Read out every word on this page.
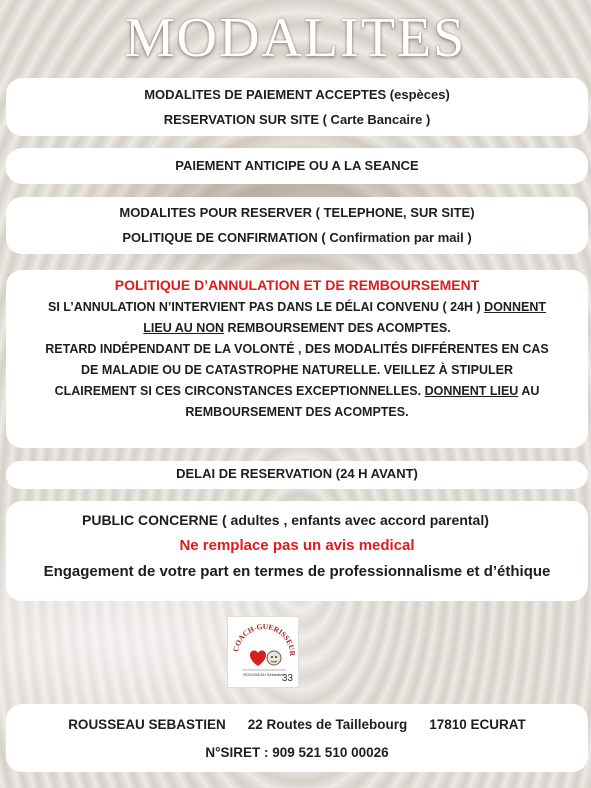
MODALITES
MODALITES DE PAIEMENT ACCEPTES (espèces)
RESERVATION SUR SITE ( Carte Bancaire )
PAIEMENT ANTICIPE OU A LA SEANCE
MODALITES POUR RESERVER ( TELEPHONE, SUR SITE)
POLITIQUE DE CONFIRMATION ( Confirmation par mail )
POLITIQUE D’ANNULATION ET DE REMBOURSEMENT
SI L’ANNULATION N’INTERVIENT PAS DANS LE DÉLAI CONVENU ( 24H ) DONNENT
LIEU AU NON REMBOURSEMENT DES ACOMPTES.
RETARD INDÉPENDANT DE LA VOLONTÉ , DES MODALITÉS DIFFÉRENTES EN CAS
DE MALADIE OU DE CATASTROPHE NATURELLE. VEILLEZ À STIPULER
CLAIREMENT SI CES CIRCONSTANCES EXCEPTIONNELLES. DONNENT LIEU AU
REMBOURSEMENT DES ACOMPTES.
DELAI DE RESERVATION (24 H AVANT)
PUBLIC CONCERNE ( adultes , enfants avec accord parental)
Ne remplace pas un avis medical
Engagement de votre part en termes de professionnalisme et d’éthique
COACH-GUERISSEUR
ROUSSEAU Sébastien
33
ROUSSEAU SEBASTIEN 22 Routes de Taillebourg 17810 ECURAT
N°SIRET : 909 521 510 00026
